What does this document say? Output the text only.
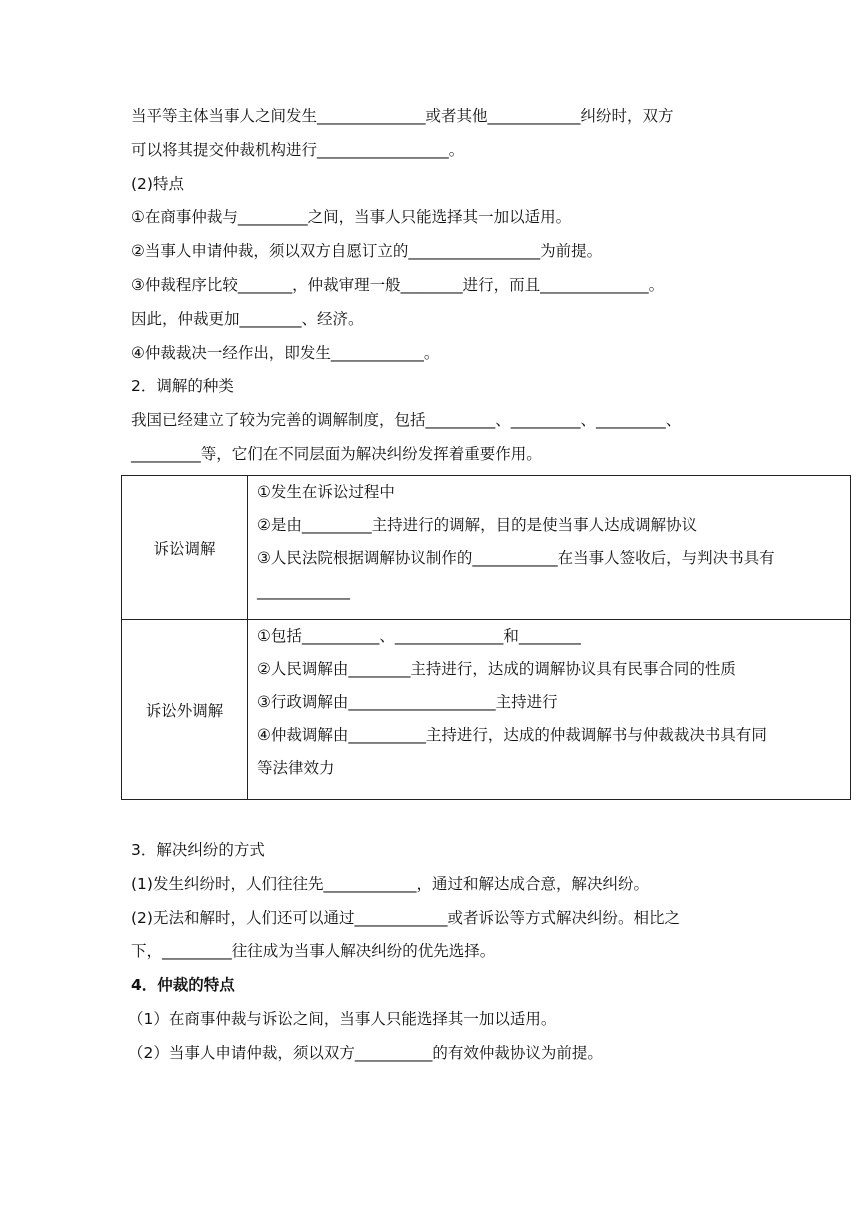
当平等主体当事人之间发生______________或者其他____________纠纷时，双方
可以将其提交仲裁机构进行_________________。
(2)特点
①在商事仲裁与_________之间，当事人只能选择其一加以适用。
②当事人申请仲裁，须以双方自愿订立的_________________为前提。
③仲裁程序比较_______，仲裁审理一般________进行，而且______________。
因此，仲裁更加________、经济。
④仲裁裁决一经作出，即发生____________。
2．调解的种类
我国已经建立了较为完善的调解制度，包括_________、_________、_________、
_________等，它们在不同层面为解决纠纷发挥着重要作用。
诉讼调解	①发生在诉讼过程中
②是由_________主持进行的调解，目的是使当事人达成调解协议
③人民法院根据调解协议制作的___________在当事人签收后，与判决书具有
____________

诉讼外调解	①包括__________、______________和________
②人民调解由________主持进行，达成的调解协议具有民事合同的性质
③行政调解由___________________主持进行
④仲裁调解由__________主持进行，达成的仲裁调解书与仲裁裁决书具有同
等法律效力
3．解决纠纷的方式
(1)发生纠纷时，人们往往先____________，通过和解达成合意，解决纠纷。
(2)无法和解时，人们还可以通过____________或者诉讼等方式解决纠纷。相比之
下，_________往往成为当事人解决纠纷的优先选择。
4．仲裁的特点
（1）在商事仲裁与诉讼之间，当事人只能选择其一加以适用。
（2）当事人申请仲裁，须以双方__________的有效仲裁协议为前提。
